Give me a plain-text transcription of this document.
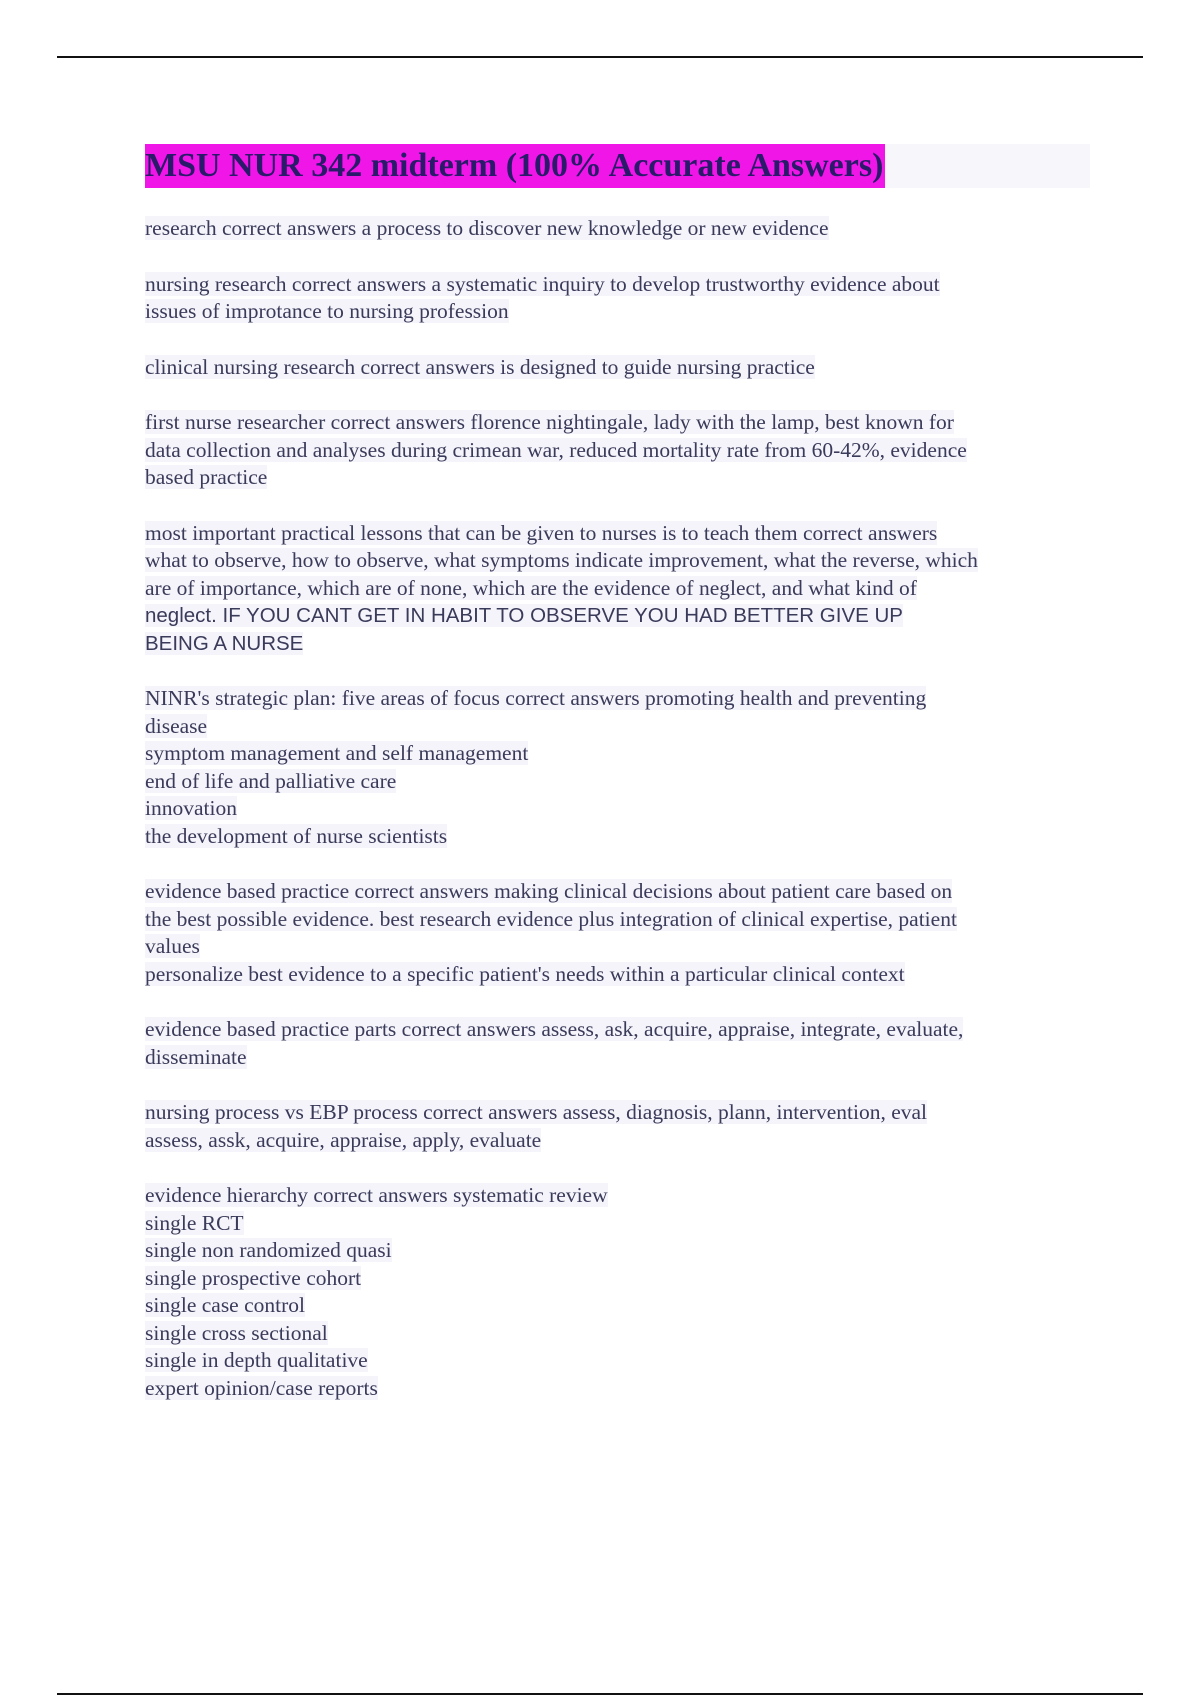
MSU NUR 342 midterm (100% Accurate Answers)
research correct answers a process to discover new knowledge or new evidence
nursing research correct answers a systematic inquiry to develop trustworthy evidence about
issues of improtance to nursing profession
clinical nursing research correct answers is designed to guide nursing practice
first nurse researcher correct answers florence nightingale, lady with the lamp, best known for
data collection and analyses during crimean war, reduced mortality rate from 60-42%, evidence
based practice
most important practical lessons that can be given to nurses is to teach them correct answers
what to observe, how to observe, what symptoms indicate improvement, what the reverse, which
are of importance, which are of none, which are the evidence of neglect, and what kind of
neglect. IF YOU CANT GET IN HABIT TO OBSERVE YOU HAD BETTER GIVE UP
BEING A NURSE
NINR's strategic plan: five areas of focus correct answers promoting health and preventing
disease
symptom management and self management
end of life and palliative care
innovation
the development of nurse scientists
evidence based practice correct answers making clinical decisions about patient care based on
the best possible evidence. best research evidence plus integration of clinical expertise, patient
values
personalize best evidence to a specific patient's needs within a particular clinical context
evidence based practice parts correct answers assess, ask, acquire, appraise, integrate, evaluate,
disseminate
nursing process vs EBP process correct answers assess, diagnosis, plann, intervention, eval
assess, assk, acquire, appraise, apply, evaluate
evidence hierarchy correct answers systematic review
single RCT
single non randomized quasi
single prospective cohort
single case control
single cross sectional
single in depth qualitative
expert opinion/case reports
